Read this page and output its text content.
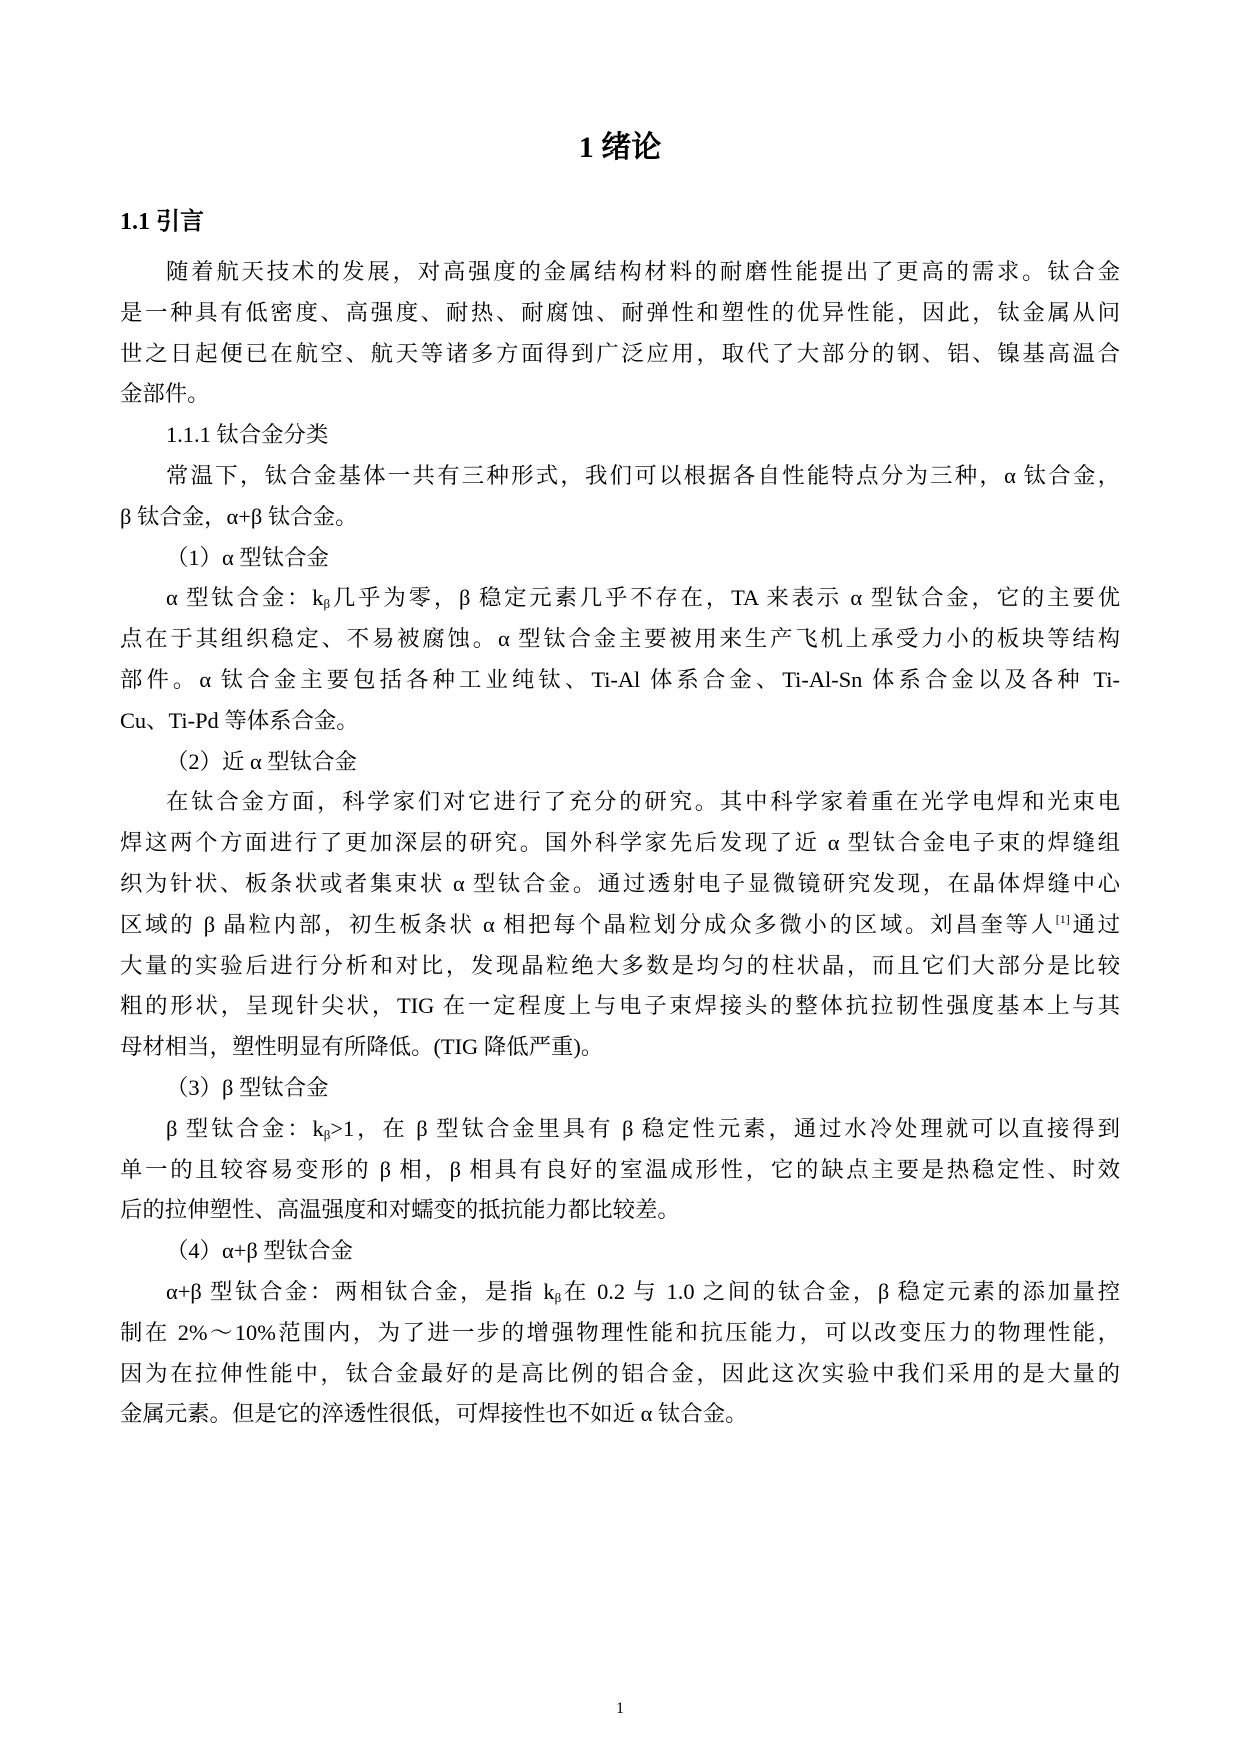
1 绪论
1.1 引言
随着航天技术的发展，对高强度的金属结构材料的耐磨性能提出了更高的需求。钛合金
是一种具有低密度、高强度、耐热、耐腐蚀、耐弹性和塑性的优异性能，因此，钛金属从问
世之日起便已在航空、航天等诸多方面得到广泛应用，取代了大部分的钢、铝、镍基高温合
金部件。
1.1.1 钛合金分类
常温下，钛合金基体一共有三种形式，我们可以根据各自性能特点分为三种，α 钛合金，
β 钛合金，α+β 钛合金。
（1）α 型钛合金
α 型钛合金：$k_\beta$几乎为零，β 稳定元素几乎不存在，TA 来表示 α 型钛合金，它的主要优
点在于其组织稳定、不易被腐蚀。α 型钛合金主要被用来生产飞机上承受力小的板块等结构
部件。α 钛合金主要包括各种工业纯钛、Ti-Al 体系合金、Ti-Al-Sn 体系合金以及各种 Ti-
Cu、Ti-Pd 等体系合金。
（2）近 α 型钛合金
在钛合金方面，科学家们对它进行了充分的研究。其中科学家着重在光学电焊和光束电
焊这两个方面进行了更加深层的研究。国外科学家先后发现了近 α 型钛合金电子束的焊缝组
织为针状、板条状或者集束状 α 型钛合金。通过透射电子显微镜研究发现，在晶体焊缝中心
区域的 β 晶粒内部，初生板条状 α 相把每个晶粒划分成众多微小的区域。刘昌奎等人[1]通过
大量的实验后进行分析和对比，发现晶粒绝大多数是均匀的柱状晶，而且它们大部分是比较
粗的形状，呈现针尖状，TIG 在一定程度上与电子束焊接头的整体抗拉韧性强度基本上与其
母材相当，塑性明显有所降低。(TIG 降低严重)。
（3）β 型钛合金
β 型钛合金：$k_\beta>1$，在 β 型钛合金里具有 β 稳定性元素，通过水冷处理就可以直接得到
单一的且较容易变形的 β 相，β 相具有良好的室温成形性，它的缺点主要是热稳定性、时效
后的拉伸塑性、高温强度和对蠕变的抵抗能力都比较差。
（4）α+β 型钛合金
α+β 型钛合金：两相钛合金，是指 $k_\beta$在 0.2 与 1.0 之间的钛合金，β 稳定元素的添加量控
制在 2%～10%范围内，为了进一步的增强物理性能和抗压能力，可以改变压力的物理性能，
因为在拉伸性能中，钛合金最好的是高比例的铝合金，因此这次实验中我们采用的是大量的
金属元素。但是它的淬透性很低，可焊接性也不如近 α 钛合金。
1
